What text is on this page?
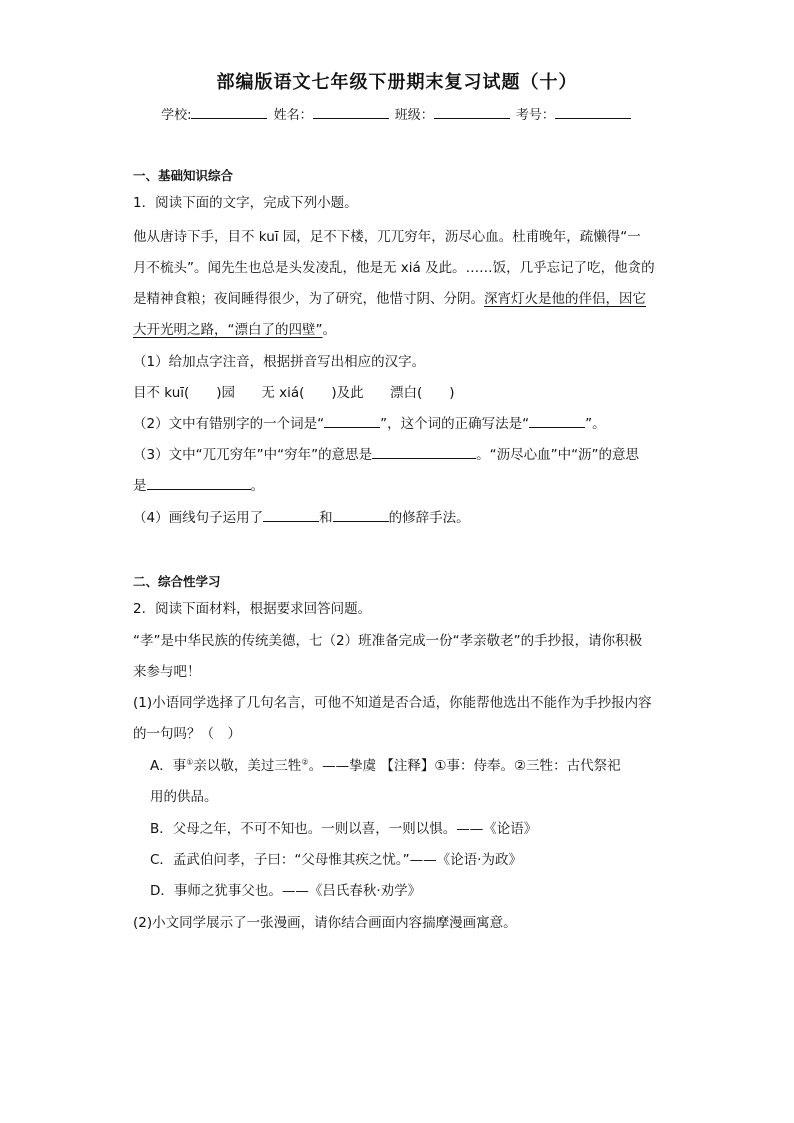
部编版语文七年级下册期末复习试题（十）
学校:	姓名：	班级：	考号：
一、基础知识综合
1．阅读下面的文字，完成下列小题。
他从唐诗下手，目不 kuī 园，足不下楼，兀兀穷年，沥尽心血。杜甫晚年，疏懒得“一
月不梳头”。闻先生也总是头发凌乱，他是无 xiá 及此。……饭，几乎忘记了吃，他贪的
是精神食粮；夜间睡得很少，为了研究，他惜寸阴、分阴。深宵灯火是他的伴侣，因它
大开光明之路，“漂白了的四壁”。
（1）给加点字注音，根据拼音写出相应的汉字。
目不 kuī(　　)园 无 xiá(　　)及此 漂白(　　)
（2）文中有错别字的一个词是“	”，这个词的正确写法是“	”。
（3）文中“兀兀穷年”中“穷年”的意思是	。“沥尽心血”中“沥”的意思
是	。
（4）画线句子运用了	和	的修辞手法。
二、综合性学习
2．阅读下面材料，根据要求回答问题。
“孝”是中华民族的传统美德，七（2）班准备完成一份“孝亲敬老”的手抄报，请你积极
来参与吧！
(1)小语同学选择了几句名言，可他不知道是否合适，你能帮他选出不能作为手抄报内容
的一句吗？（　）
A．事①亲以敬，美过三牲②。——挚虞 【注释】①事：侍奉。②三牲：古代祭祀
用的供品。
B．父母之年，不可不知也。一则以喜，一则以惧。——《论语》
C．孟武伯问孝，子曰：“父母惟其疾之忧。”——《论语·为政》
D．事师之犹事父也。——《吕氏春秋·劝学》
(2)小文同学展示了一张漫画，请你结合画面内容揣摩漫画寓意。
